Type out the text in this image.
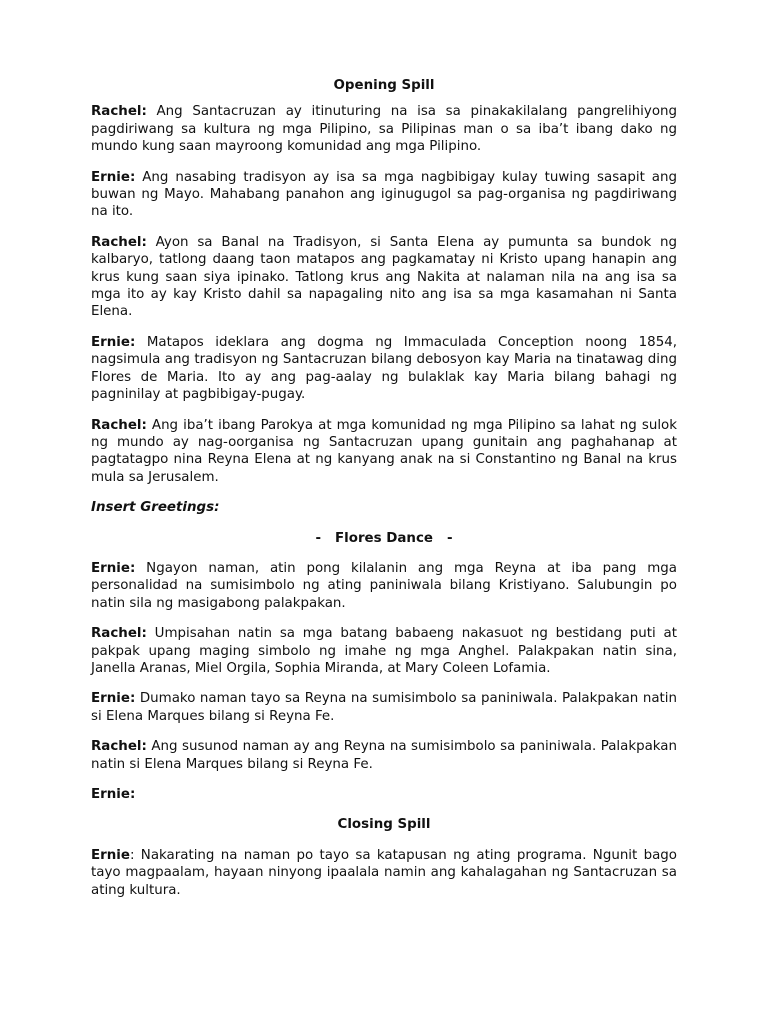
Opening Spill
Rachel: Ang Santacruzan ay itinuturing na isa sa pinakakilalang pangrelihiyong pagdiriwang sa kultura ng mga Pilipino, sa Pilipinas man o sa iba’t ibang dako ng mundo kung saan mayroong komunidad ang mga Pilipino.
Ernie: Ang nasabing tradisyon ay isa sa mga nagbibigay kulay tuwing sasapit ang buwan ng Mayo. Mahabang panahon ang iginugugol sa pag-organisa ng pagdiriwang na ito.
Rachel: Ayon sa Banal na Tradisyon, si Santa Elena ay pumunta sa bundok ng kalbaryo, tatlong daang taon matapos ang pagkamatay ni Kristo upang hanapin ang krus kung saan siya ipinako. Tatlong krus ang Nakita at nalaman nila na ang isa sa mga ito ay kay Kristo dahil sa napagaling nito ang isa sa mga kasamahan ni Santa Elena.
Ernie: Matapos ideklara ang dogma ng Immaculada Conception noong 1854, nagsimula ang tradisyon ng Santacruzan bilang debosyon kay Maria na tinatawag ding Flores de Maria. Ito ay ang pag-aalay ng bulaklak kay Maria bilang bahagi ng pagninilay at pagbibigay-pugay.
Rachel: Ang iba’t ibang Parokya at mga komunidad ng mga Pilipino sa lahat ng sulok ng mundo ay nag-oorganisa ng Santacruzan upang gunitain ang paghahanap at pagtatagpo nina Reyna Elena at ng kanyang anak na si Constantino ng Banal na krus mula sa Jerusalem.
Insert Greetings:
-   Flores Dance   -
Ernie: Ngayon naman, atin pong kilalanin ang mga Reyna at iba pang mga personalidad na sumisimbolo ng ating paniniwala bilang Kristiyano. Salubungin po natin sila ng masigabong palakpakan.
Rachel: Umpisahan natin sa mga batang babaeng nakasuot ng bestidang puti at pakpak upang maging simbolo ng imahe ng mga Anghel. Palakpakan natin sina, Janella Aranas, Miel Orgila, Sophia Miranda, at Mary Coleen Lofamia.
Ernie: Dumako naman tayo sa Reyna na sumisimbolo sa paniniwala. Palakpakan natin si Elena Marques bilang si Reyna Fe.
Rachel: Ang susunod naman ay ang Reyna na sumisimbolo sa paniniwala. Palakpakan natin si Elena Marques bilang si Reyna Fe.
Ernie:
Closing Spill
Ernie: Nakarating na naman po tayo sa katapusan ng ating programa. Ngunit bago tayo magpaalam, hayaan ninyong ipaalala namin ang kahalagahan ng Santacruzan sa ating kultura.
